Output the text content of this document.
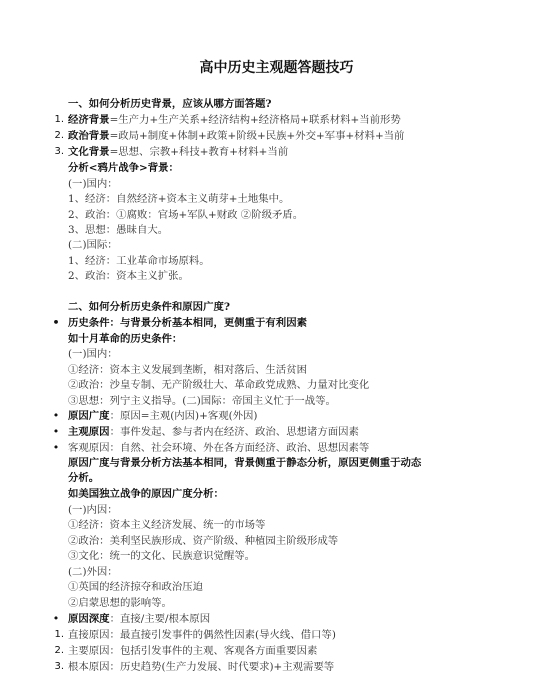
高中历史主观题答题技巧
一、如何分析历史背景，应该从哪方面答题?
1. 经济背景=生产力+生产关系+经济结构+经济格局+联系材料+当前形势
2. 政治背景=政局+制度+体制+政策+阶级+民族+外交+军事+材料+当前
3. 文化背景=思想、宗教+科技+教育+材料+当前
分析<鸦片战争>背景：
(一)国内：
1、经济：自然经济+资本主义萌芽+土地集中。
2、政治：①腐败：官场+军队+财政 ②阶级矛盾。
3、思想：愚昧自大。
(二)国际：
1、经济：工业革命市场原料。
2、政治：资本主义扩张。
二、如何分析历史条件和原因广度?
• 历史条件：与背景分析基本相同，更侧重于有利因素
如十月革命的历史条件：
(一)国内：
①经济：资本主义发展到垄断，相对落后、生活贫困
②政治：沙皇专制、无产阶级壮大、革命政党成熟、力量对比变化
③思想：列宁主义指导。(二)国际：帝国主义忙于一战等。
• 原因广度：原因=主观(内因)+客观(外因)
• 主观原因：事件发起、参与者内在经济、政治、思想诸方面因素
• 客观原因：自然、社会环境、外在各方面经济、政治、思想因素等
原因广度与背景分析方法基本相同，背景侧重于静态分析，原因更侧重于动态
分析。
如美国独立战争的原因广度分析：
(一)内因：
①经济：资本主义经济发展、统一的市场等
②政治：美利坚民族形成、资产阶级、种植园主阶级形成等
③文化：统一的文化、民族意识觉醒等。
(二)外因：
①英国的经济掠夺和政治压迫
②启蒙思想的影响等。
• 原因深度：直接/主要/根本原因
1. 直接原因：最直接引发事件的偶然性因素(导火线、借口等)
2. 主要原因：包括引发事件的主观、客观各方面重要因素
3. 根本原因：历史趋势(生产力发展、时代要求)+主观需要等
